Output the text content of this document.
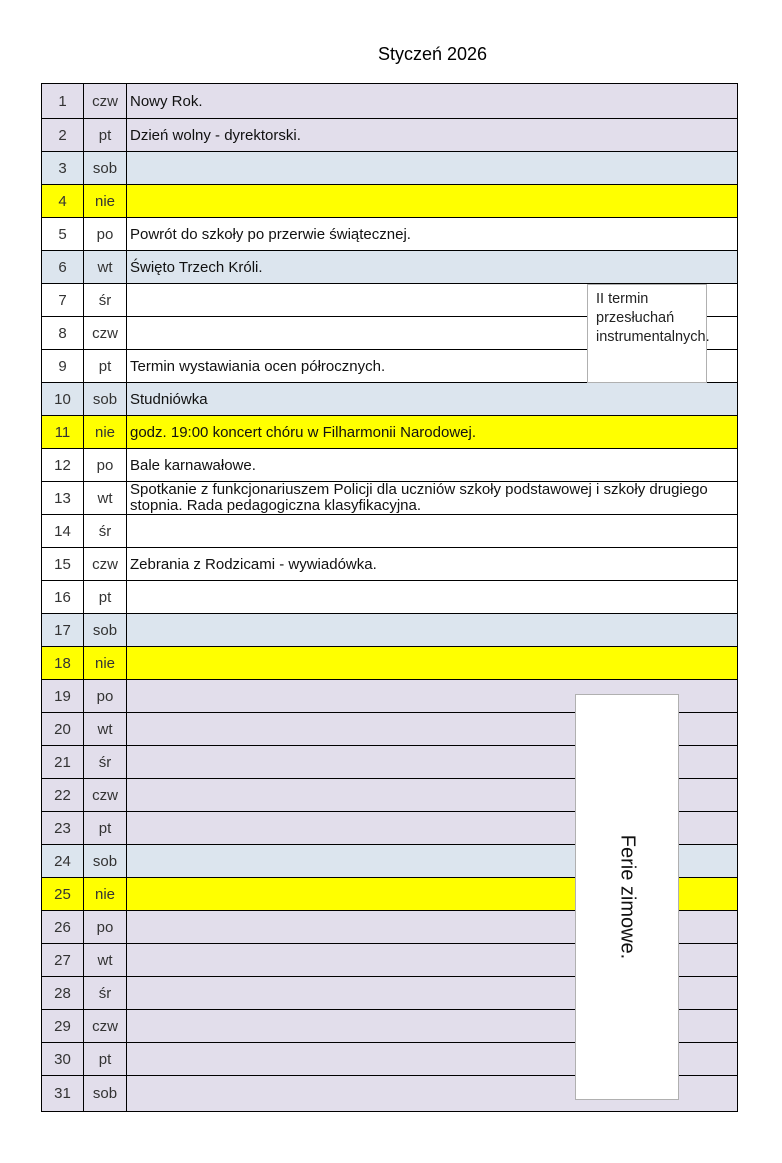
Styczeń 2026
1	czw Nowy Rok.
2	pt	Dzień wolny - dyrektorski.
3	sob
4	nie
5	po	Powrót do szkoły po przerwie świątecznej.
6	wt	Święto Trzech Króli.
7	śr
8	czw
9	pt	Termin wystawiania ocen półrocznych.
10	sob Studniówka
11	nie godz. 19:00 koncert chóru w Filharmonii Narodowej.
12	po	Bale karnawałowe.
13	wt	Spotkanie z funkcjonariuszem Policji dla uczniów szkoły podstawowej i szkoły drugiego stopnia. Rada pedagogiczna klasyfikacyjna.
14	śr
15	czw Zebrania z Rodzicami - wywiadówka.
16	pt
17	sob
18	nie
19	po
20	wt
21	śr
22	czw
23	pt
24	sob
25	nie
26	po
27	wt
28	śr
29	czw
30	pt
31	sob
II termin przesłuchań instrumentalnych.
Ferie zimowe.
